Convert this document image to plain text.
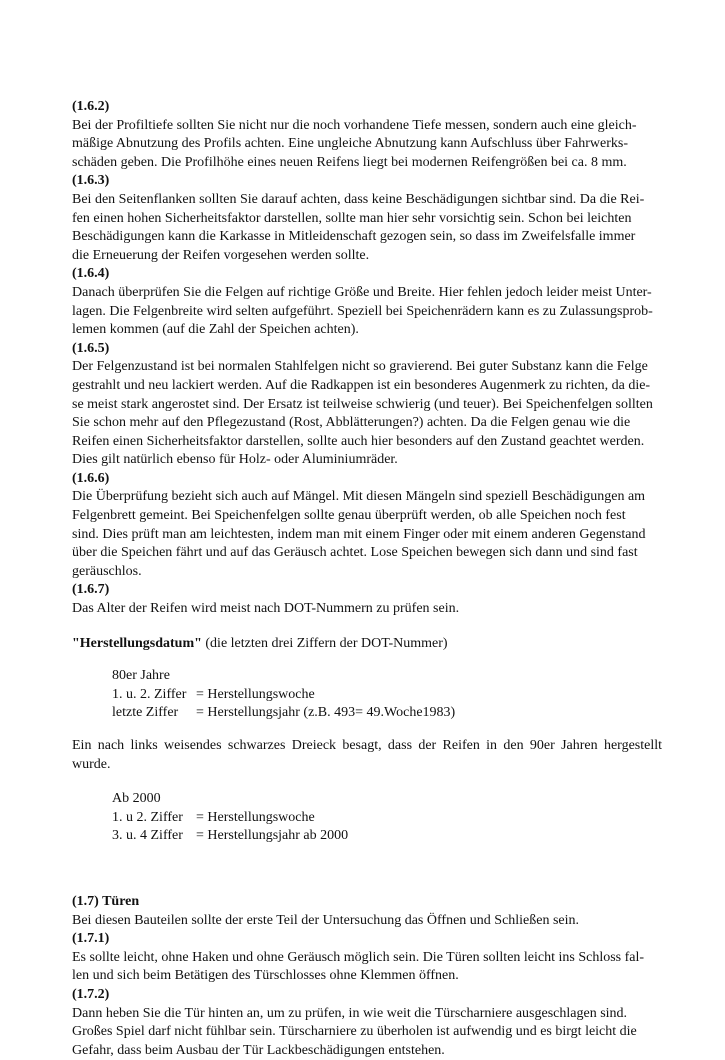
(1.6.2)
Bei der Profiltiefe sollten Sie nicht nur die noch vorhandene Tiefe messen, sondern auch eine gleich-
mäßige Abnutzung des Profils achten. Eine ungleiche Abnutzung kann Aufschluss über Fahrwerks-
schäden geben. Die Profilhöhe eines neuen Reifens liegt bei modernen Reifengrößen bei ca. 8 mm.
(1.6.3)
Bei den Seitenflanken sollten Sie darauf achten, dass keine Beschädigungen sichtbar sind. Da die Rei-
fen einen hohen Sicherheitsfaktor darstellen, sollte man hier sehr vorsichtig sein. Schon bei leichten
Beschädigungen kann die Karkasse in Mitleidenschaft gezogen sein, so dass im Zweifelsfalle immer
die Erneuerung der Reifen vorgesehen werden sollte.
(1.6.4)
Danach überprüfen Sie die Felgen auf richtige Größe und Breite. Hier fehlen jedoch leider meist Unter-
lagen. Die Felgenbreite wird selten aufgeführt. Speziell bei Speichenrädern kann es zu Zulassungsprob-
lemen kommen (auf die Zahl der Speichen achten).
(1.6.5)
Der Felgenzustand ist bei normalen Stahlfelgen nicht so gravierend. Bei guter Substanz kann die Felge
gestrahlt und neu lackiert werden. Auf die Radkappen ist ein besonderes Augenmerk zu richten, da die-
se meist stark angerostet sind. Der Ersatz ist teilweise schwierig (und teuer). Bei Speichenfelgen sollten
Sie schon mehr auf den Pflegezustand (Rost, Abblätterungen?) achten. Da die Felgen genau wie die
Reifen einen Sicherheitsfaktor darstellen, sollte auch hier besonders auf den Zustand geachtet werden.
Dies gilt natürlich ebenso für Holz- oder Aluminiumräder.
(1.6.6)
Die Überprüfung bezieht sich auch auf Mängel. Mit diesen Mängeln sind speziell Beschädigungen am
Felgenbrett gemeint. Bei Speichenfelgen sollte genau überprüft werden, ob alle Speichen noch fest
sind. Dies prüft man am leichtesten, indem man mit einem Finger oder mit einem anderen Gegenstand
über die Speichen fährt und auf das Geräusch achtet. Lose Speichen bewegen sich dann und sind fast
geräuschlos.
(1.6.7)
Das Alter der Reifen wird meist nach DOT-Nummern zu prüfen sein.
"Herstellungsdatum" (die letzten drei Ziffern der DOT-Nummer)
80er Jahre
1. u. 2. Ziffer = Herstellungswoche
letzte Ziffer = Herstellungsjahr (z.B. 493= 49.Woche1983)
Ein nach links weisendes schwarzes Dreieck besagt, dass der Reifen in den 90er Jahren hergestellt wurde.
Ab 2000
1. u 2. Ziffer = Herstellungswoche
3. u. 4 Ziffer = Herstellungsjahr ab 2000
(1.7) Türen
Bei diesen Bauteilen sollte der erste Teil der Untersuchung das Öffnen und Schließen sein.
(1.7.1)
Es sollte leicht, ohne Haken und ohne Geräusch möglich sein. Die Türen sollten leicht ins Schloss fal-
len und sich beim Betätigen des Türschlosses ohne Klemmen öffnen.
(1.7.2)
Dann heben Sie die Tür hinten an, um zu prüfen, in wie weit die Türscharniere ausgeschlagen sind.
Großes Spiel darf nicht fühlbar sein. Türscharniere zu überholen ist aufwendig und es birgt leicht die
Gefahr, dass beim Ausbau der Tür Lackbeschädigungen entstehen.
